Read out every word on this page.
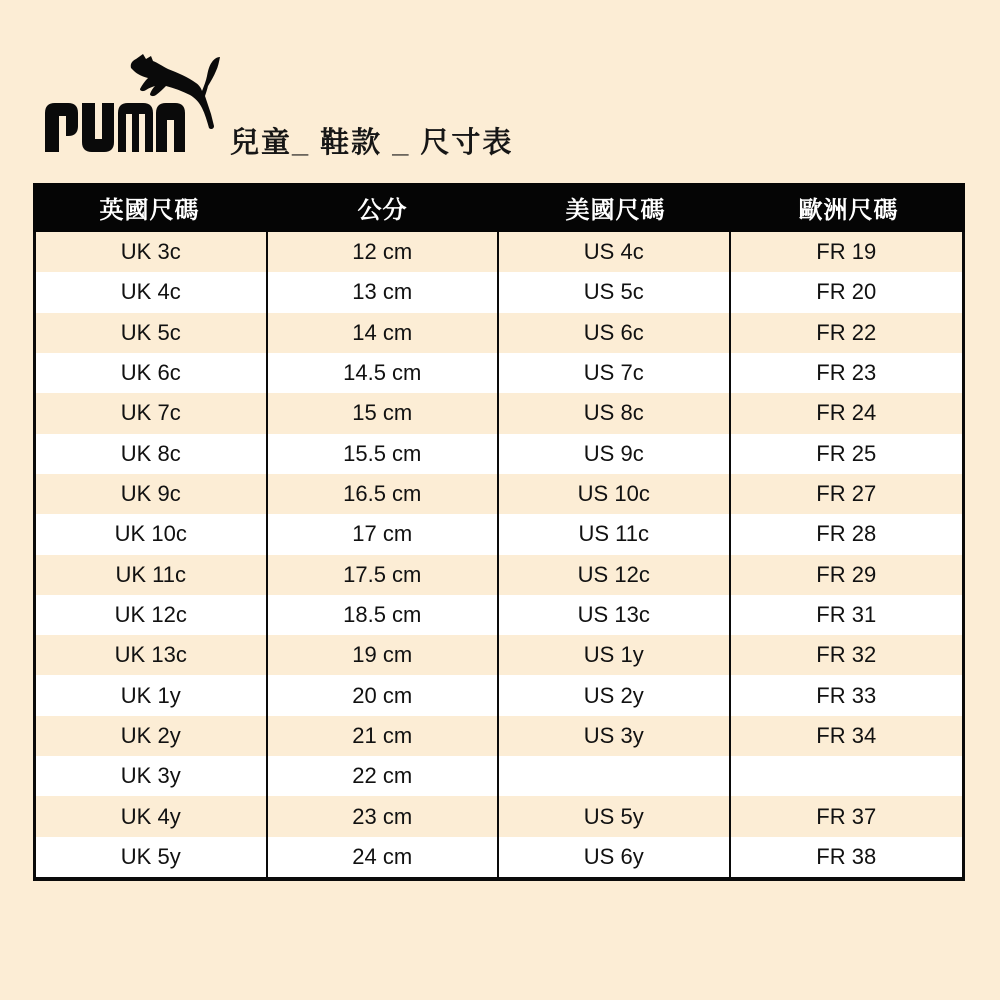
兒童_ 鞋款 _ 尺寸表
英國尺碼	公分	美國尺碼	歐洲尺碼
UK 3c	12 cm	US 4c	FR 19
UK 4c	13 cm	US 5c	FR 20
UK 5c	14 cm	US 6c	FR 22
UK 6c	14.5 cm	US 7c	FR 23
UK 7c	15 cm	US 8c	FR 24
UK 8c	15.5 cm	US 9c	FR 25
UK 9c	16.5 cm	US 10c	FR 27
UK 10c	17 cm	US 11c	FR 28
UK 11c	17.5 cm	US 12c	FR 29
UK 12c	18.5 cm	US 13c	FR 31
UK 13c	19 cm	US 1y	FR 32
UK 1y	20 cm	US 2y	FR 33
UK 2y	21 cm	US 3y	FR 34
UK 3y	22 cm
UK 4y	23 cm	US 5y	FR 37
UK 5y	24 cm	US 6y	FR 38
